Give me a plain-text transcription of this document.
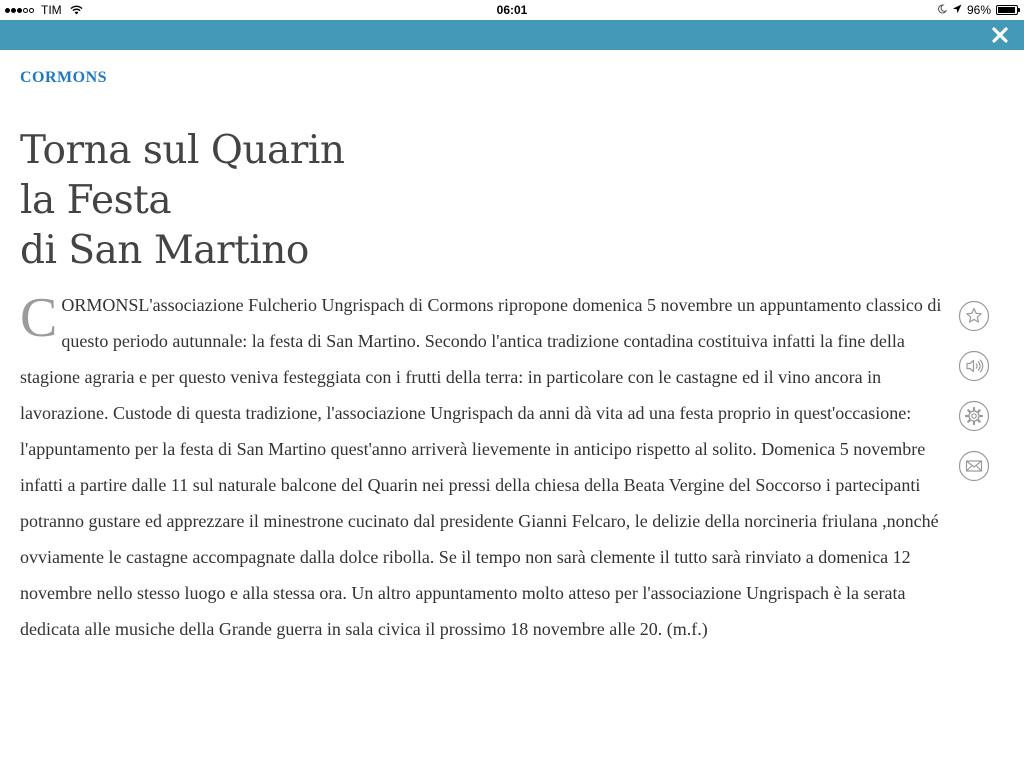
TIM	06:01	96%
CORMONS
Torna sul Quarin
la Festa
di San Martino
C ORMONSL'associazione Fulcherio Ungrispach di Cormons ripropone domenica 5 novembre un appuntamento classico di questo periodo autunnale: la festa di San Martino. Secondo l'antica tradizione contadina costituiva infatti la fine della stagione agraria e per questo veniva festeggiata con i frutti della terra: in particolare con le castagne ed il vino ancora in lavorazione. Custode di questa tradizione, l'associazione Ungrispach da anni dà vita ad una festa proprio in quest'occasione: l'appuntamento per la festa di San Martino quest'anno arriverà lievemente in anticipo rispetto al solito. Domenica 5 novembre infatti a partire dalle 11 sul naturale balcone del Quarin nei pressi della chiesa della Beata Vergine del Soccorso i partecipanti potranno gustare ed apprezzare il minestrone cucinato dal presidente Gianni Felcaro, le delizie della norcineria friulana ,nonché ovviamente le castagne accompagnate dalla dolce ribolla. Se il tempo non sarà clemente il tutto sarà rinviato a domenica 12 novembre nello stesso luogo e alla stessa ora. Un altro appuntamento molto atteso per l'associazione Ungrispach è la serata dedicata alle musiche della Grande guerra in sala civica il prossimo 18 novembre alle 20. (m.f.)
